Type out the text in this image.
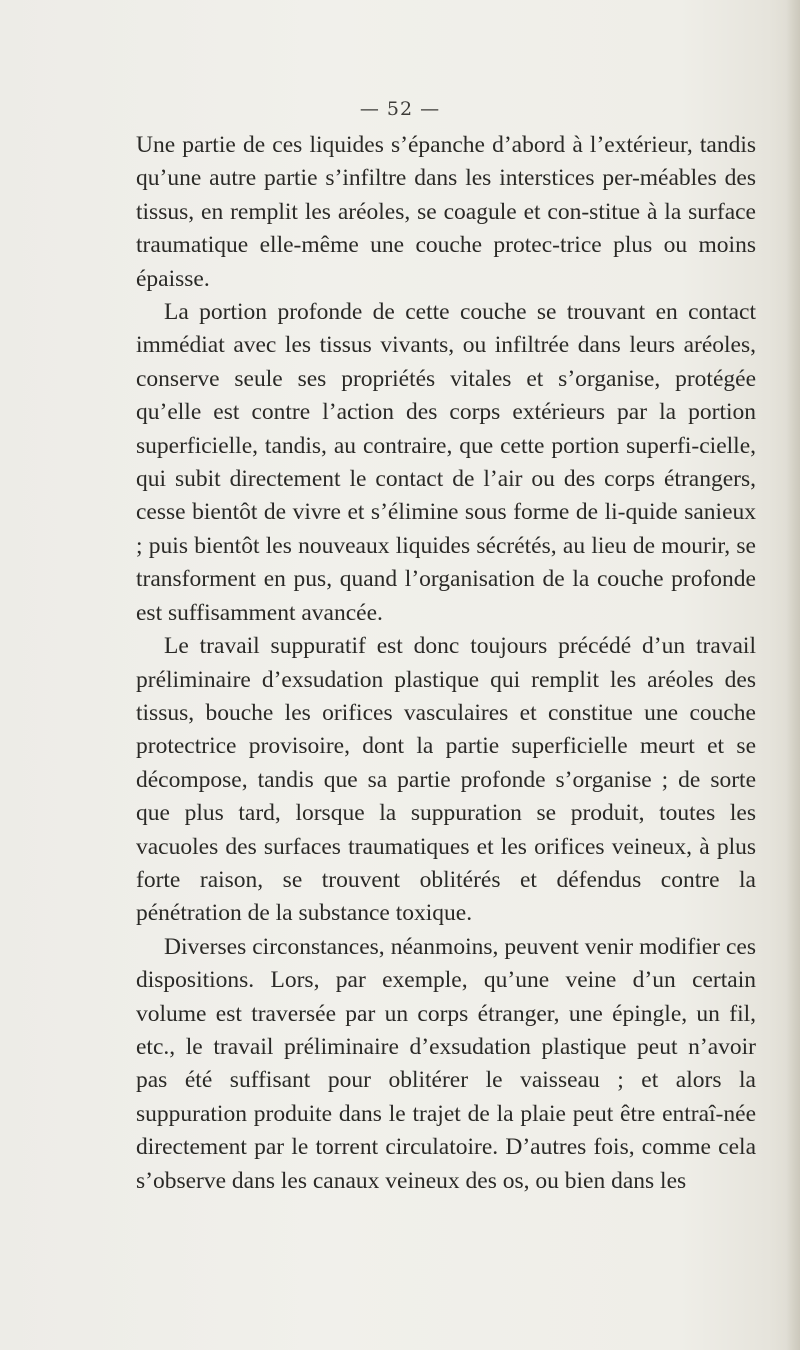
— 52 —

Une partie de ces liquides s’épanche d’abord à l’extérieur, tandis qu’une autre partie s’infiltre dans les interstices per-méables des tissus, en remplit les aréoles, se coagule et con-stitue à la surface traumatique elle-même une couche protec-trice plus ou moins épaisse.

La portion profonde de cette couche se trouvant en contact immédiat avec les tissus vivants, ou infiltrée dans leurs aréoles, conserve seule ses propriétés vitales et s’organise, protégée qu’elle est contre l’action des corps extérieurs par la portion superficielle, tandis, au contraire, que cette portion superfi-cielle, qui subit directement le contact de l’air ou des corps étrangers, cesse bientôt de vivre et s’élimine sous forme de li-quide sanieux ; puis bientôt les nouveaux liquides sécrétés, au lieu de mourir, se transforment en pus, quand l’organisation de la couche profonde est suffisamment avancée.

Le travail suppuratif est donc toujours précédé d’un travail préliminaire d’exsudation plastique qui remplit les aréoles des tissus, bouche les orifices vasculaires et constitue une couche protectrice provisoire, dont la partie superficielle meurt et se décompose, tandis que sa partie profonde s’organise ; de sorte que plus tard, lorsque la suppuration se produit, toutes les vacuoles des surfaces traumatiques et les orifices veineux, à plus forte raison, se trouvent oblitérés et défendus contre la pénétration de la substance toxique.

Diverses circonstances, néanmoins, peuvent venir modifier ces dispositions. Lors, par exemple, qu’une veine d’un certain volume est traversée par un corps étranger, une épingle, un fil, etc., le travail préliminaire d’exsudation plastique peut n’avoir pas été suffisant pour oblitérer le vaisseau ; et alors la suppuration produite dans le trajet de la plaie peut être entraî-née directement par le torrent circulatoire. D’autres fois, comme cela s’observe dans les canaux veineux des os, ou bien dans les
